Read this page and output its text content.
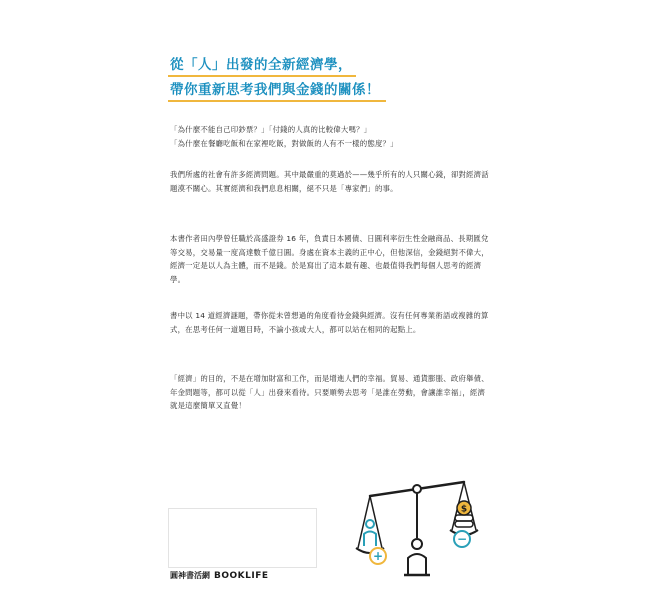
從「人」出發的全新經濟學，
帶你重新思考我們與金錢的關係！

「為什麼不能自己印鈔票？」「付錢的人真的比較偉大嗎？」

「為什麼在餐廳吃飯和在家裡吃飯，對做飯的人有不一樣的態度？」

我們所處的社會有許多經濟問題。其中最嚴重的莫過於——幾乎所有的人只關心錢，卻對經濟話題漠不關心。其實經濟和我們息息相關，絕不只是「專家們」的事。

本書作者田內學曾任職於高盛證券 16 年，負責日本國債、日圓利率衍生性金融商品、長期匯兌等交易，交易量一度高達數千億日圓。身處在資本主義的正中心，但他深信，金錢絕對不偉大，經濟一定是以人為主體，而不是錢。於是寫出了這本最有趣、也最值得我們每個人思考的經濟學。

書中以 14 道經濟謎題，帶你從未曾想過的角度看待金錢與經濟。沒有任何專業術語或複雜的算式，在思考任何一道題目時，不論小孩或大人，都可以站在相同的起點上。

「經濟」的目的，不是在增加財富和工作，而是增進人們的幸福。貿易、通貨膨脹、政府舉債、年金問題等，都可以從「人」出發來看待。只要順勢去思考「是誰在勞動，會讓誰幸福」，經濟就是這麼簡單又直覺！

圓神書活網 BOOKLIFE
+
$
−
